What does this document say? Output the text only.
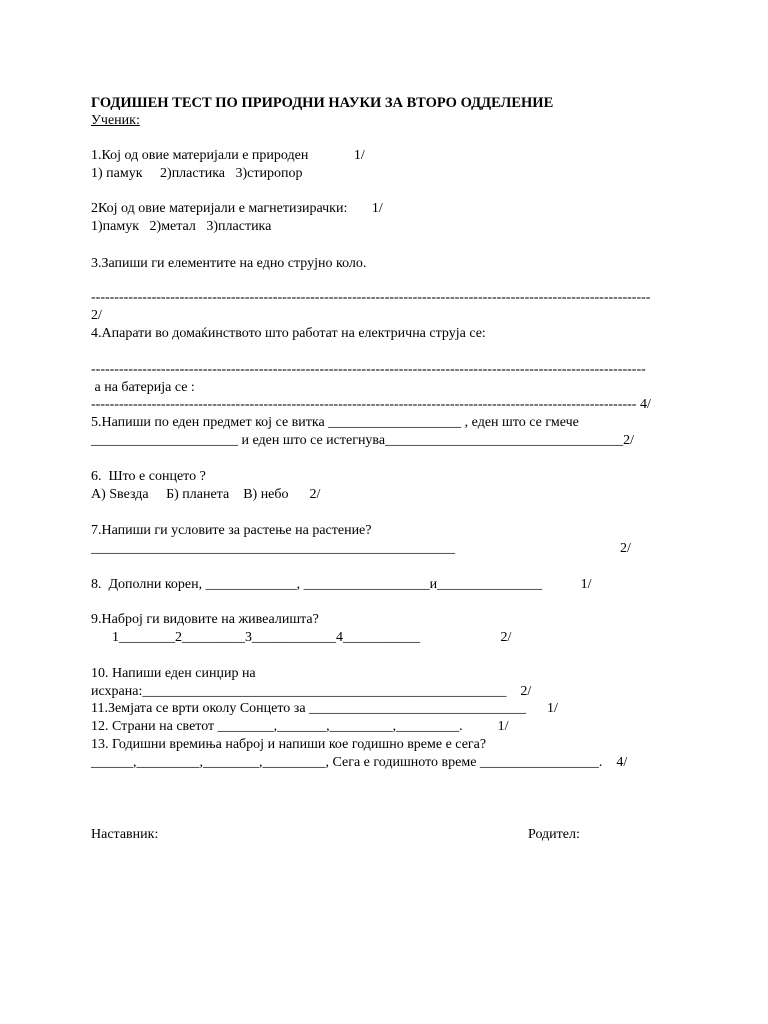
ГОДИШЕН ТЕСТ ПО ПРИРОДНИ НАУКИ ЗА ВТОРО ОДДЕЛЕНИЕ
Ученик:
1.Кој од овие материјали е природен             1/
1) памук     2)пластика   3)стиропор
2Кој од овие материјали е магнетизирачки:       1/
1)памук   2)метал   3)пластика
3.Запиши ги елементите на едно струјно коло.
------------------------------------------------------------------------------------------------------------------------
2/
4.Апарати во домаќинството што работат на електрична струја се:
-----------------------------------------------------------------------------------------------------------------------
а на батерија се :
--------------------------------------------------------------------------------------------------------------------- 4/
5.Напиши по еден предмет кој се витка ___________________ , еден што се гмече
_____________________ и еден што се истегнува__________________________________2/
6.  Што е сонцето ?
А) Ѕвезда     Б) планета    В) небо      2/
7.Напиши ги условите за растење на растение?
____________________________________________________	2/
8.  Дополни корен, _____________, __________________и_______________           1/
9.Наброј ги видовите на живеалишта?
1________2_________3____________4___________                       2/
10. Напиши еден синџир на
исхрана:____________________________________________________    2/
11.Земјата се врти околу Сонцето за _______________________________      1/
12. Страни на светот ________,_______,_________,_________.          1/
13. Годишни времиња наброј и напиши кое годишно време е сега?
______,_________,________,_________, Сега е годишното време _________________.    4/
Наставник:	Родител:
